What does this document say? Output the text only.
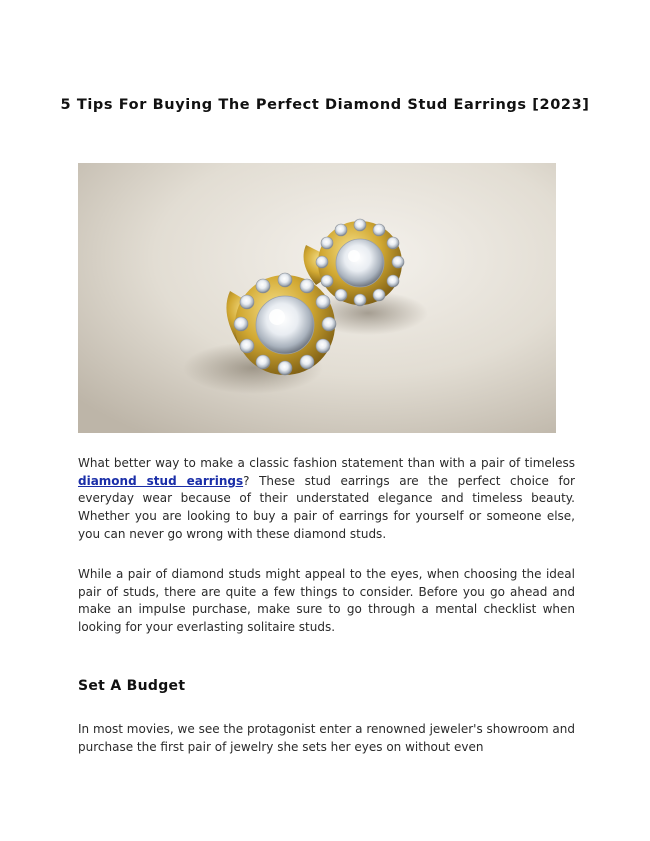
5 Tips For Buying The Perfect Diamond Stud Earrings [2023]

What better way to make a classic fashion statement than with a pair of timeless diamond stud earrings? These stud earrings are the perfect choice for everyday wear because of their understated elegance and timeless beauty. Whether you are looking to buy a pair of earrings for yourself or someone else, you can never go wrong with these diamond studs.

While a pair of diamond studs might appeal to the eyes, when choosing the ideal pair of studs, there are quite a few things to consider. Before you go ahead and make an impulse purchase, make sure to go through a mental checklist when looking for your everlasting solitaire studs.

Set A Budget

In most movies, we see the protagonist enter a renowned jeweler's showroom and purchase the first pair of jewelry she sets her eyes on without even
